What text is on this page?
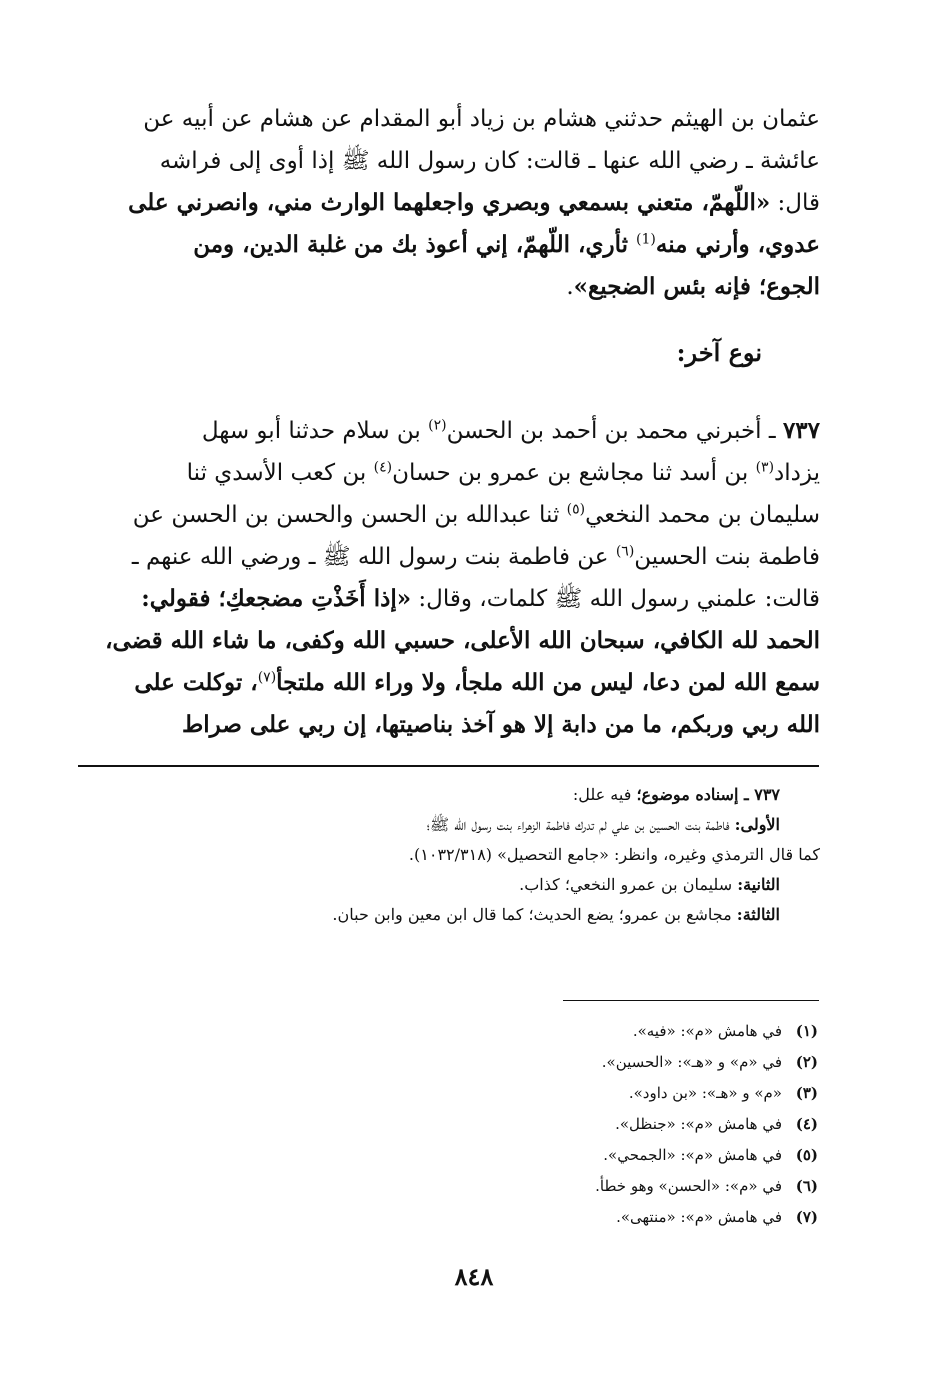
عثمان بن الهيثم حدثني هشام بن زياد أبو المقدام عن هشام عن أبيه عن
عائشة ـ رضي الله عنها ـ قالت: كان رسول الله ﷺ إذا أوى إلى فراشه
قال: «اللّهمّ، متعني بسمعي وبصري واجعلهما الوارث مني، وانصرني على
عدوي، وأرني منه$^{(1)}$ ثأري، اللّهمّ، إني أعوذ بك من غلبة الدين، ومن
الجوع؛ فإنه بئس الضجيع».
نوع آخر:
٧٣٧ ـ أخبرني محمد بن أحمد بن الحسن$^{(٢)}$ بن سلام حدثنا أبو سهل
يزداد$^{(٣)}$ بن أسد ثنا مجاشع بن عمرو بن حسان$^{(٤)}$ بن كعب الأسدي ثنا
سليمان بن محمد النخعي$^{(٥)}$ ثنا عبدالله بن الحسن والحسن بن الحسن عن
فاطمة بنت الحسين$^{(٦)}$ عن فاطمة بنت رسول الله ﷺ ـ ورضي الله عنهم ـ
قالت: علمني رسول الله ﷺ كلمات، وقال: «إذا أَخَذْتِ مضجعكِ؛ فقولي:
الحمد لله الكافي، سبحان الله الأعلى، حسبي الله وكفى، ما شاء الله قضى،
سمع الله لمن دعا، ليس من الله ملجأ، ولا وراء الله ملتجأ$^{(٧)}$، توكلت على
الله ربي وربكم، ما من دابة إلا هو آخذ بناصيتها، إن ربي على صراط
٧٣٧ ـ إسناده موضوع؛ فيه علل:
الأولى: فاطمة بنت الحسين بن علي لم تدرك فاطمة الزهراء بنت رسول الله ﷺ؛
كما قال الترمذي وغيره، وانظر: «جامع التحصيل» (١٠٣٢/٣١٨).
الثانية: سليمان بن عمرو النخعي؛ كذاب.
الثالثة: مجاشع بن عمرو؛ يضع الحديث؛ كما قال ابن معين وابن حبان.
(١)في هامش «م»: «فيه».
(٢)في «م» و «هـ»: «الحسين».
(٣)«م» و «هـ»: «بن داود».
(٤)في هامش «م»: «جنظل».
(٥)في هامش «م»: «الجمحي».
(٦)في «م»: «الحسن» وهو خطأ.
(٧)في هامش «م»: «منتهى».
٨٤٨
